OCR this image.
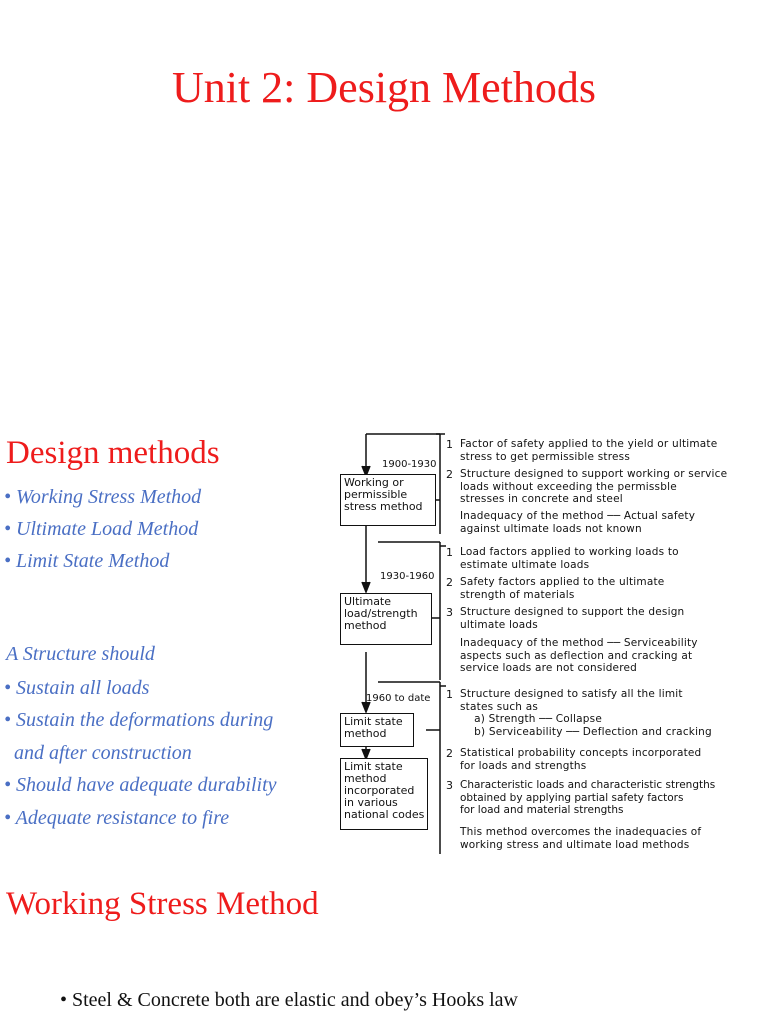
Unit 2: Design Methods
Design methods
• Working Stress Method
• Ultimate Load Method
• Limit State Method

A Structure should

• Sustain all loads
• Sustain the deformations during
and after construction
• Should have adequate durability
• Adequate resistance to fire
1900-1930
Working or
permissible
stress method
1930-1960
Ultimate
load/strength
method
1960 to date
Limit state
method
Limit state
method
incorporated
in various
national codes
1 Factor of safety applied to the yield or ultimate
stress to get permissible stress
2 Structure designed to support working or service
loads without exceeding the permissble
stresses in concrete and steel
Inadequacy of the method ── Actual safety
against ultimate loads not known
1 Load factors applied to working loads to
estimate ultimate loads
2 Safety factors applied to the ultimate
strength of materials
3 Structure designed to support the design
ultimate loads
Inadequacy of the method ── Serviceability
aspects such as deflection and cracking at
service loads are not considered
1 Structure designed to satisfy all the limit
states such as
a) Strength ── Collapse
b) Serviceability ── Deflection and cracking
2 Statistical probability concepts incorporated
for loads and strengths
3 Characteristic loads and characteristic strengths
obtained by applying partial safety factors
for load and material strengths
This method overcomes the inadequacies of
working stress and ultimate load methods
Working Stress Method
• Steel & Concrete both are elastic and obey’s Hooks law
